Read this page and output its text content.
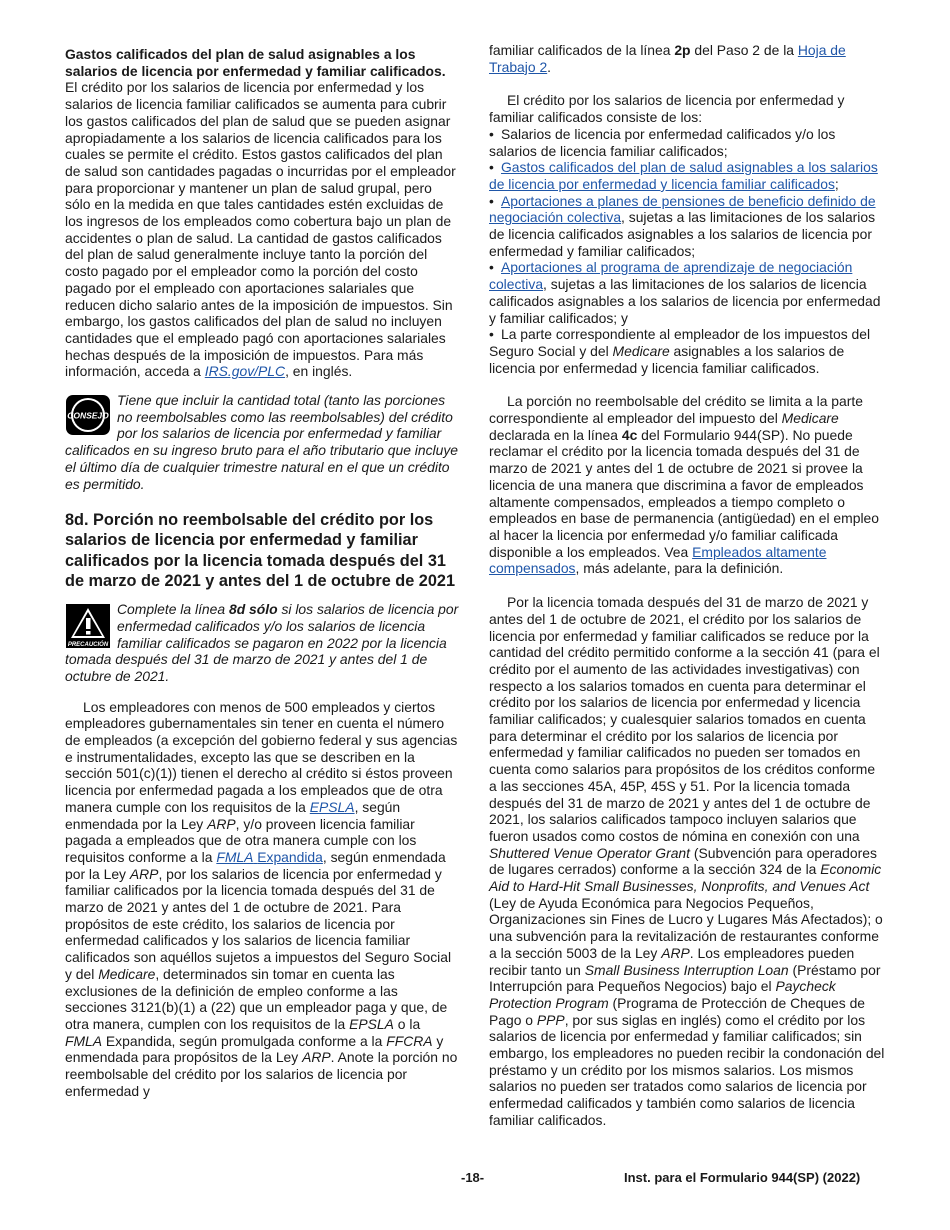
Gastos calificados del plan de salud asignables a los salarios de licencia por enfermedad y familiar calificados. El crédito por los salarios de licencia por enfermedad y los salarios de licencia familiar calificados se aumenta para cubrir los gastos calificados del plan de salud que se pueden asignar apropiadamente a los salarios de licencia calificados para los cuales se permite el crédito. Estos gastos calificados del plan de salud son cantidades pagadas o incurridas por el empleador para proporcionar y mantener un plan de salud grupal, pero sólo en la medida en que tales cantidades estén excluidas de los ingresos de los empleados como cobertura bajo un plan de accidentes o plan de salud. La cantidad de gastos calificados del plan de salud generalmente incluye tanto la porción del costo pagado por el empleador como la porción del costo pagado por el empleado con aportaciones salariales que reducen dicho salario antes de la imposición de impuestos. Sin embargo, los gastos calificados del plan de salud no incluyen cantidades que el empleado pagó con aportaciones salariales hechas después de la imposición de impuestos. Para más información, acceda a IRS.gov/PLC, en inglés.

CONSEJO
Tiene que incluir la cantidad total (tanto las porciones no reembolsables como las reembolsables) del crédito por los salarios de licencia por enfermedad y familiar calificados en su ingreso bruto para el año tributario que incluye el último día de cualquier trimestre natural en el que un crédito es permitido.

8d. Porción no reembolsable del crédito por los salarios de licencia por enfermedad y familiar calificados por la licencia tomada después del 31 de marzo de 2021 y antes del 1 de octubre de 2021

PRECAUCIÓN
Complete la línea 8d sólo si los salarios de licencia por enfermedad calificados y/o los salarios de licencia familiar calificados se pagaron en 2022 por la licencia tomada después del 31 de marzo de 2021 y antes del 1 de octubre de 2021.

Los empleadores con menos de 500 empleados y ciertos empleadores gubernamentales sin tener en cuenta el número de empleados (a excepción del gobierno federal y sus agencias e instrumentalidades, excepto las que se describen en la sección 501(c)(1)) tienen el derecho al crédito si éstos proveen licencia por enfermedad pagada a los empleados que de otra manera cumple con los requisitos de la EPSLA, según enmendada por la Ley ARP, y/o proveen licencia familiar pagada a empleados que de otra manera cumple con los requisitos conforme a la FMLA Expandida, según enmendada por la Ley ARP, por los salarios de licencia por enfermedad y familiar calificados por la licencia tomada después del 31 de marzo de 2021 y antes del 1 de octubre de 2021. Para propósitos de este crédito, los salarios de licencia por enfermedad calificados y los salarios de licencia familiar calificados son aquéllos sujetos a impuestos del Seguro Social y del Medicare, determinados sin tomar en cuenta las exclusiones de la definición de empleo conforme a las secciones 3121(b)(1) a (22) que un empleador paga y que, de otra manera, cumplen con los requisitos de la EPSLA o la FMLA Expandida, según promulgada conforme a la FFCRA y enmendada para propósitos de la Ley ARP. Anote la porción no reembolsable del crédito por los salarios de licencia por enfermedad y

familiar calificados de la línea 2p del Paso 2 de la Hoja de Trabajo 2.

El crédito por los salarios de licencia por enfermedad y familiar calificados consiste de los:

• Salarios de licencia por enfermedad calificados y/o los salarios de licencia familiar calificados;

• Gastos calificados del plan de salud asignables a los salarios de licencia por enfermedad y licencia familiar calificados;

• Aportaciones a planes de pensiones de beneficio definido de negociación colectiva, sujetas a las limitaciones de los salarios de licencia calificados asignables a los salarios de licencia por enfermedad y familiar calificados;

• Aportaciones al programa de aprendizaje de negociación colectiva, sujetas a las limitaciones de los salarios de licencia calificados asignables a los salarios de licencia por enfermedad y familiar calificados; y

• La parte correspondiente al empleador de los impuestos del Seguro Social y del Medicare asignables a los salarios de licencia por enfermedad y licencia familiar calificados.

La porción no reembolsable del crédito se limita a la parte correspondiente al empleador del impuesto del Medicare declarada en la línea 4c del Formulario 944(SP). No puede reclamar el crédito por la licencia tomada después del 31 de marzo de 2021 y antes del 1 de octubre de 2021 si provee la licencia de una manera que discrimina a favor de empleados altamente compensados, empleados a tiempo completo o empleados en base de permanencia (antigüedad) en el empleo al hacer la licencia por enfermedad y/o familiar calificada disponible a los empleados. Vea Empleados altamente compensados, más adelante, para la definición.

Por la licencia tomada después del 31 de marzo de 2021 y antes del 1 de octubre de 2021, el crédito por los salarios de licencia por enfermedad y familiar calificados se reduce por la cantidad del crédito permitido conforme a la sección 41 (para el crédito por el aumento de las actividades investigativas) con respecto a los salarios tomados en cuenta para determinar el crédito por los salarios de licencia por enfermedad y licencia familiar calificados; y cualesquier salarios tomados en cuenta para determinar el crédito por los salarios de licencia por enfermedad y familiar calificados no pueden ser tomados en cuenta como salarios para propósitos de los créditos conforme a las secciones 45A, 45P, 45S y 51. Por la licencia tomada después del 31 de marzo de 2021 y antes del 1 de octubre de 2021, los salarios calificados tampoco incluyen salarios que fueron usados como costos de nómina en conexión con una Shuttered Venue Operator Grant (Subvención para operadores de lugares cerrados) conforme a la sección 324 de la Economic Aid to Hard-Hit Small Businesses, Nonprofits, and Venues Act (Ley de Ayuda Económica para Negocios Pequeños, Organizaciones sin Fines de Lucro y Lugares Más Afectados); o una subvención para la revitalización de restaurantes conforme a la sección 5003 de la Ley ARP. Los empleadores pueden recibir tanto un Small Business Interruption Loan (Préstamo por Interrupción para Pequeños Negocios) bajo el Paycheck Protection Program (Programa de Protección de Cheques de Pago o PPP, por sus siglas en inglés) como el crédito por los salarios de licencia por enfermedad y familiar calificados; sin embargo, los empleadores no pueden recibir la condonación del préstamo y un crédito por los mismos salarios. Los mismos salarios no pueden ser tratados como salarios de licencia por enfermedad calificados y también como salarios de licencia familiar calificados.

-18-	Inst. para el Formulario 944(SP) (2022)
